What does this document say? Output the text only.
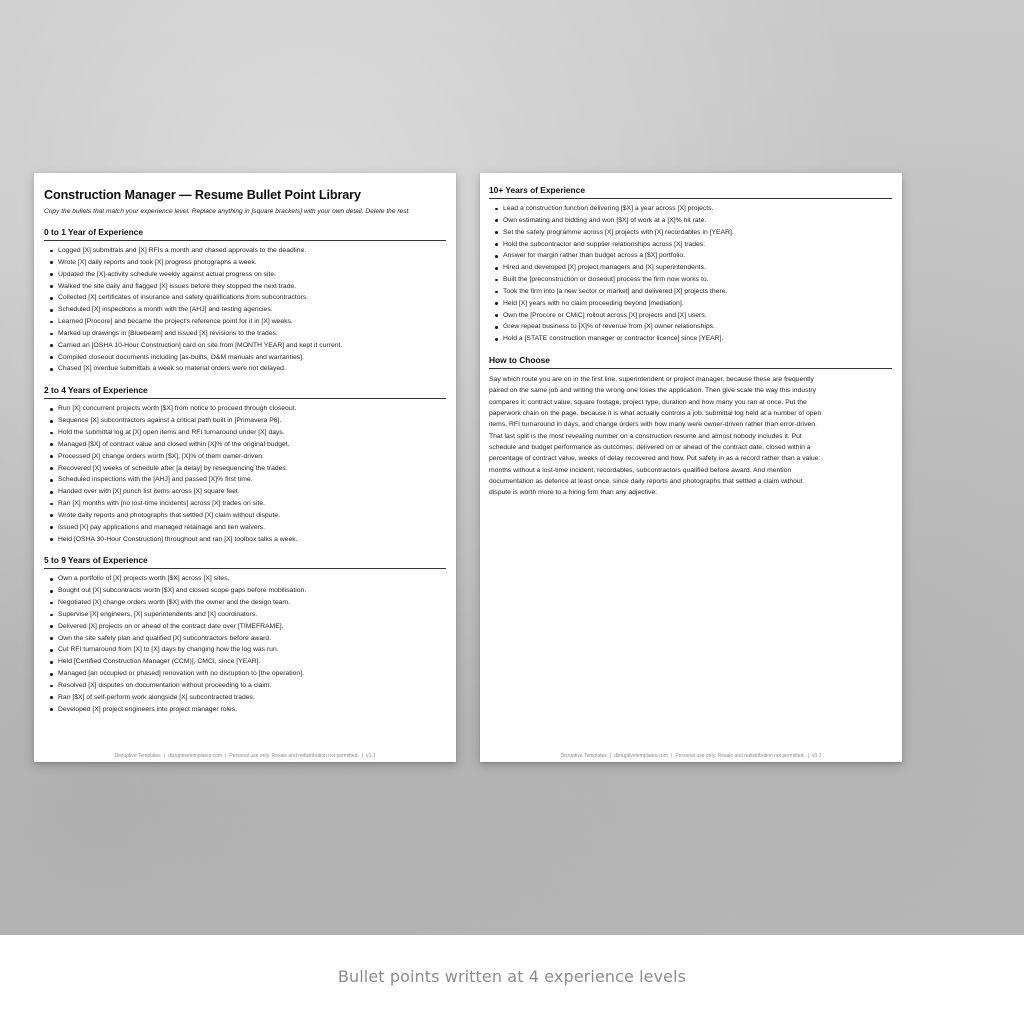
Construction Manager — Resume Bullet Point Library
Copy the bullets that match your experience level. Replace anything in [square brackets] with your own detail. Delete the rest.
0 to 1 Year of Experience
Logged [X] submittals and [X] RFIs a month and chased approvals to the deadline.
Wrote [X] daily reports and took [X] progress photographs a week.
Updated the [X]-activity schedule weekly against actual progress on site.
Walked the site daily and flagged [X] issues before they stopped the next trade.
Collected [X] certificates of insurance and safety qualifications from subcontractors.
Scheduled [X] inspections a month with the [AHJ] and testing agencies.
Learned [Procore] and became the project's reference point for it in [X] weeks.
Marked up drawings in [Bluebeam] and issued [X] revisions to the trades.
Carried an [OSHA 10-Hour Construction] card on site from [MONTH YEAR] and kept it current.
Compiled closeout documents including [as-builts, O&M manuals and warranties].
Chased [X] overdue submittals a week so material orders were not delayed.
2 to 4 Years of Experience
Run [X] concurrent projects worth [$X] from notice to proceed through closeout.
Sequence [X] subcontractors against a critical path built in [Primavera P6].
Hold the submittal log at [X] open items and RFI turnaround under [X] days.
Managed [$X] of contract value and closed within [X]% of the original budget.
Processed [X] change orders worth [$X], [X]% of them owner-driven.
Recovered [X] weeks of schedule after [a delay] by resequencing the trades.
Scheduled inspections with the [AHJ] and passed [X]% first time.
Handed over with [X] punch list items across [X] square feet.
Ran [X] months with [no lost-time incidents] across [X] trades on site.
Wrote daily reports and photographs that settled [X] claim without dispute.
Issued [X] pay applications and managed retainage and lien waivers.
Held [OSHA 30-Hour Construction] throughout and ran [X] toolbox talks a week.
5 to 9 Years of Experience
Own a portfolio of [X] projects worth [$X] across [X] sites.
Bought out [X] subcontracts worth [$X] and closed scope gaps before mobilisation.
Negotiated [X] change orders worth [$X] with the owner and the design team.
Supervise [X] engineers, [X] superintendents and [X] coordinators.
Delivered [X] projects on or ahead of the contract date over [TIMEFRAME].
Own the site safety plan and qualified [X] subcontractors before award.
Cut RFI turnaround from [X] to [X] days by changing how the log was run.
Held [Certified Construction Manager (CCM)], CMCI, since [YEAR].
Managed [an occupied or phased] renovation with no disruption to [the operation].
Resolved [X] disputes on documentation without proceeding to a claim.
Ran [$X] of self-perform work alongside [X] subcontracted trades.
Developed [X] project engineers into project manager roles.
Disruptive Templates | disruptivetemplates.com | Personal use only. Resale and redistribution not permitted. | v1.1
10+ Years of Experience
Lead a construction function delivering [$X] a year across [X] projects.
Own estimating and bidding and won [$X] of work at a [X]% hit rate.
Set the safety programme across [X] projects with [X] recordables in [YEAR].
Hold the subcontractor and supplier relationships across [X] trades.
Answer for margin rather than budget across a [$X] portfolio.
Hired and developed [X] project managers and [X] superintendents.
Built the [preconstruction or closeout] process the firm now works to.
Took the firm into [a new sector or market] and delivered [X] projects there.
Held [X] years with no claim proceeding beyond [mediation].
Own the [Procore or CMiC] rollout across [X] projects and [X] users.
Grew repeat business to [X]% of revenue from [X] owner relationships.
Hold a [STATE construction manager or contractor licence] since [YEAR].
How to Choose
Say which route you are on in the first line, superintendent or project manager, because these are frequently
paired on the same job and writing the wrong one loses the application. Then give scale the way this industry
compares it: contract value, square footage, project type, duration and how many you ran at once. Put the
paperwork chain on the page, because it is what actually controls a job: submittal log held at a number of open
items, RFI turnaround in days, and change orders with how many were owner-driven rather than error-driven.
That last split is the most revealing number on a construction resume and almost nobody includes it. Put
schedule and budget performance as outcomes: delivered on or ahead of the contract date, closed within a
percentage of contract value, weeks of delay recovered and how. Put safety in as a record rather than a value:
months without a lost-time incident, recordables, subcontractors qualified before award. And mention
documentation as defence at least once, since daily reports and photographs that settled a claim without
dispute is worth more to a hiring firm than any adjective.
Disruptive Templates | disruptivetemplates.com | Personal use only. Resale and redistribution not permitted. | v1.1
Bullet points written at 4 experience levels
